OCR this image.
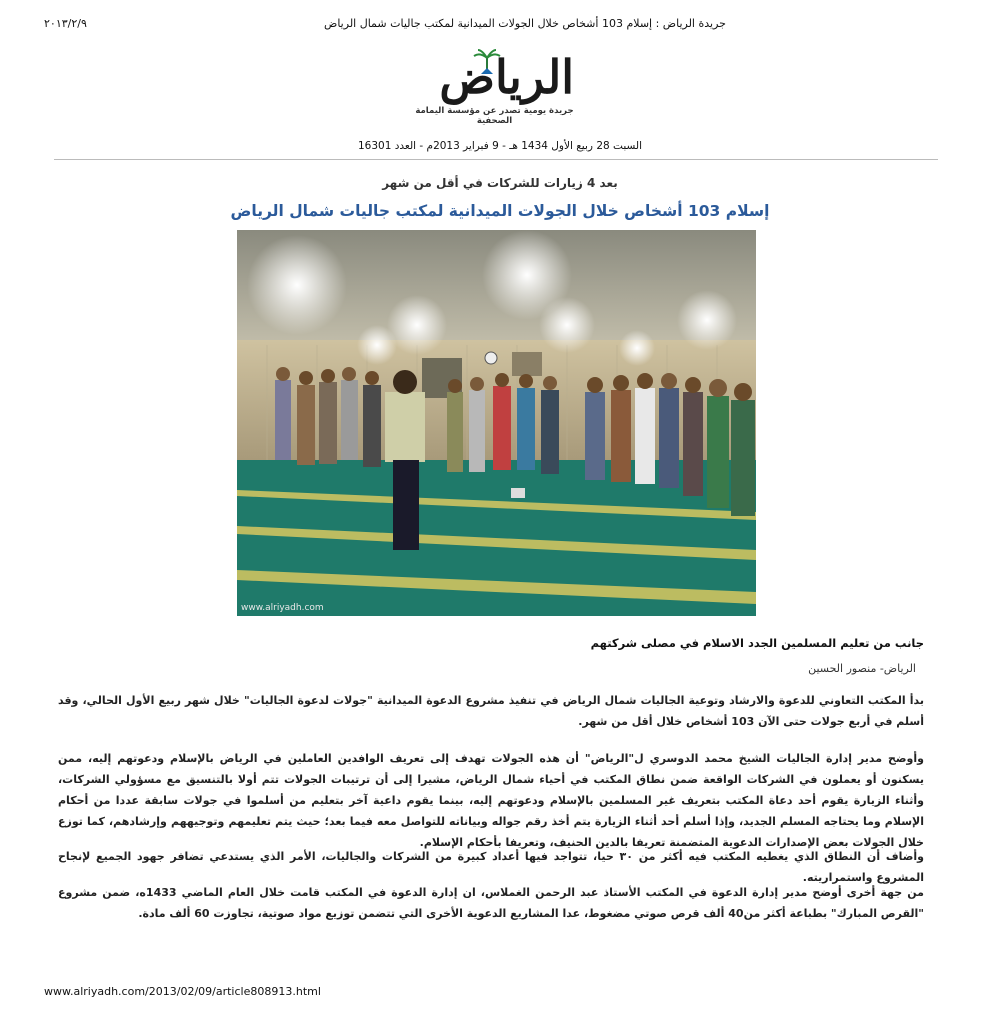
جريدة الرياض : إسلام 103 أشخاص خلال الجولات الميدانية لمكتب جاليات شمال الرياض
٢٠١٣/٢/٩
الرياض
جريدة يومية تصدر عن مؤسسة اليمامة الصحفية
السبت 28 ربيع الأول 1434 هـ - 9 فبراير 2013م - العدد 16301
بعد 4 زيارات للشركات في أقل من شهر
إسلام 103 أشخاص خلال الجولات الميدانية لمكتب جاليات شمال الرياض
www.alriyadh.com
جانب من تعليم المسلمين الجدد الاسلام في مصلى شركتهم
الرياض- منصور الحسين
بدأ المكتب التعاوني للدعوة والارشاد وتوعية الجاليات شمال الرياض في تنفيذ مشروع الدعوة الميدانية "جولات لدعوة الجاليات" خلال شهر ربيع الأول الحالي، وقد أسلم في أربع جولات حتى الآن 103 أشخاص خلال أقل من شهر.
وأوضح مدير إدارة الجاليات الشيخ محمد الدوسري ل"الرياض" أن هذه الجولات تهدف إلى تعريف الوافدين العاملين في الرياض بالإسلام ودعوتهم إليه، ممن يسكنون أو يعملون في الشركات الواقعة ضمن نطاق المكتب في أحياء شمال الرياض، مشيرا إلى أن ترتيبات الجولات تتم أولا بالتنسيق مع مسؤولي الشركات، وأثناء الزيارة يقوم أحد دعاة المكتب بتعريف غير المسلمين بالإسلام ودعوتهم إليه، بينما يقوم داعية آخر بتعليم من أسلموا في جولات سابقة عددا من أحكام الإسلام وما يحتاجه المسلم الجديد، وإذا أسلم أحد أثناء الزيارة يتم أخذ رقم جواله وبياناته للتواصل معه فيما بعد؛ حيث يتم تعليمهم وتوجيههم وإرشادهم، كما توزع خلال الجولات بعض الإصدارات الدعوية المتضمنة تعريفا بالدين الحنيف، وتعريفا بأحكام الإسلام.
وأضاف أن النطاق الذي يغطيه المكتب فيه أكثر من ٣٠ حيا، تتواجد فيها أعداد كبيرة من الشركات والجاليات، الأمر الذي يستدعي تضافر جهود الجميع لإنجاح المشروع واستمراريته.
من جهة أخرى أوضح مدير إدارة الدعوة في المكتب الأستاذ عبد الرحمن الغملاس، ان إدارة الدعوة في المكتب قامت خلال العام الماضي 1433ه، ضمن مشروع "القرص المبارك" بطباعة أكثر من40 ألف قرص صوتي مضغوط، عدا المشاريع الدعوية الأخرى التي تتضمن توزيع مواد صوتية، تجاوزت 60 ألف مادة.
www.alriyadh.com/2013/02/09/article808913.html
